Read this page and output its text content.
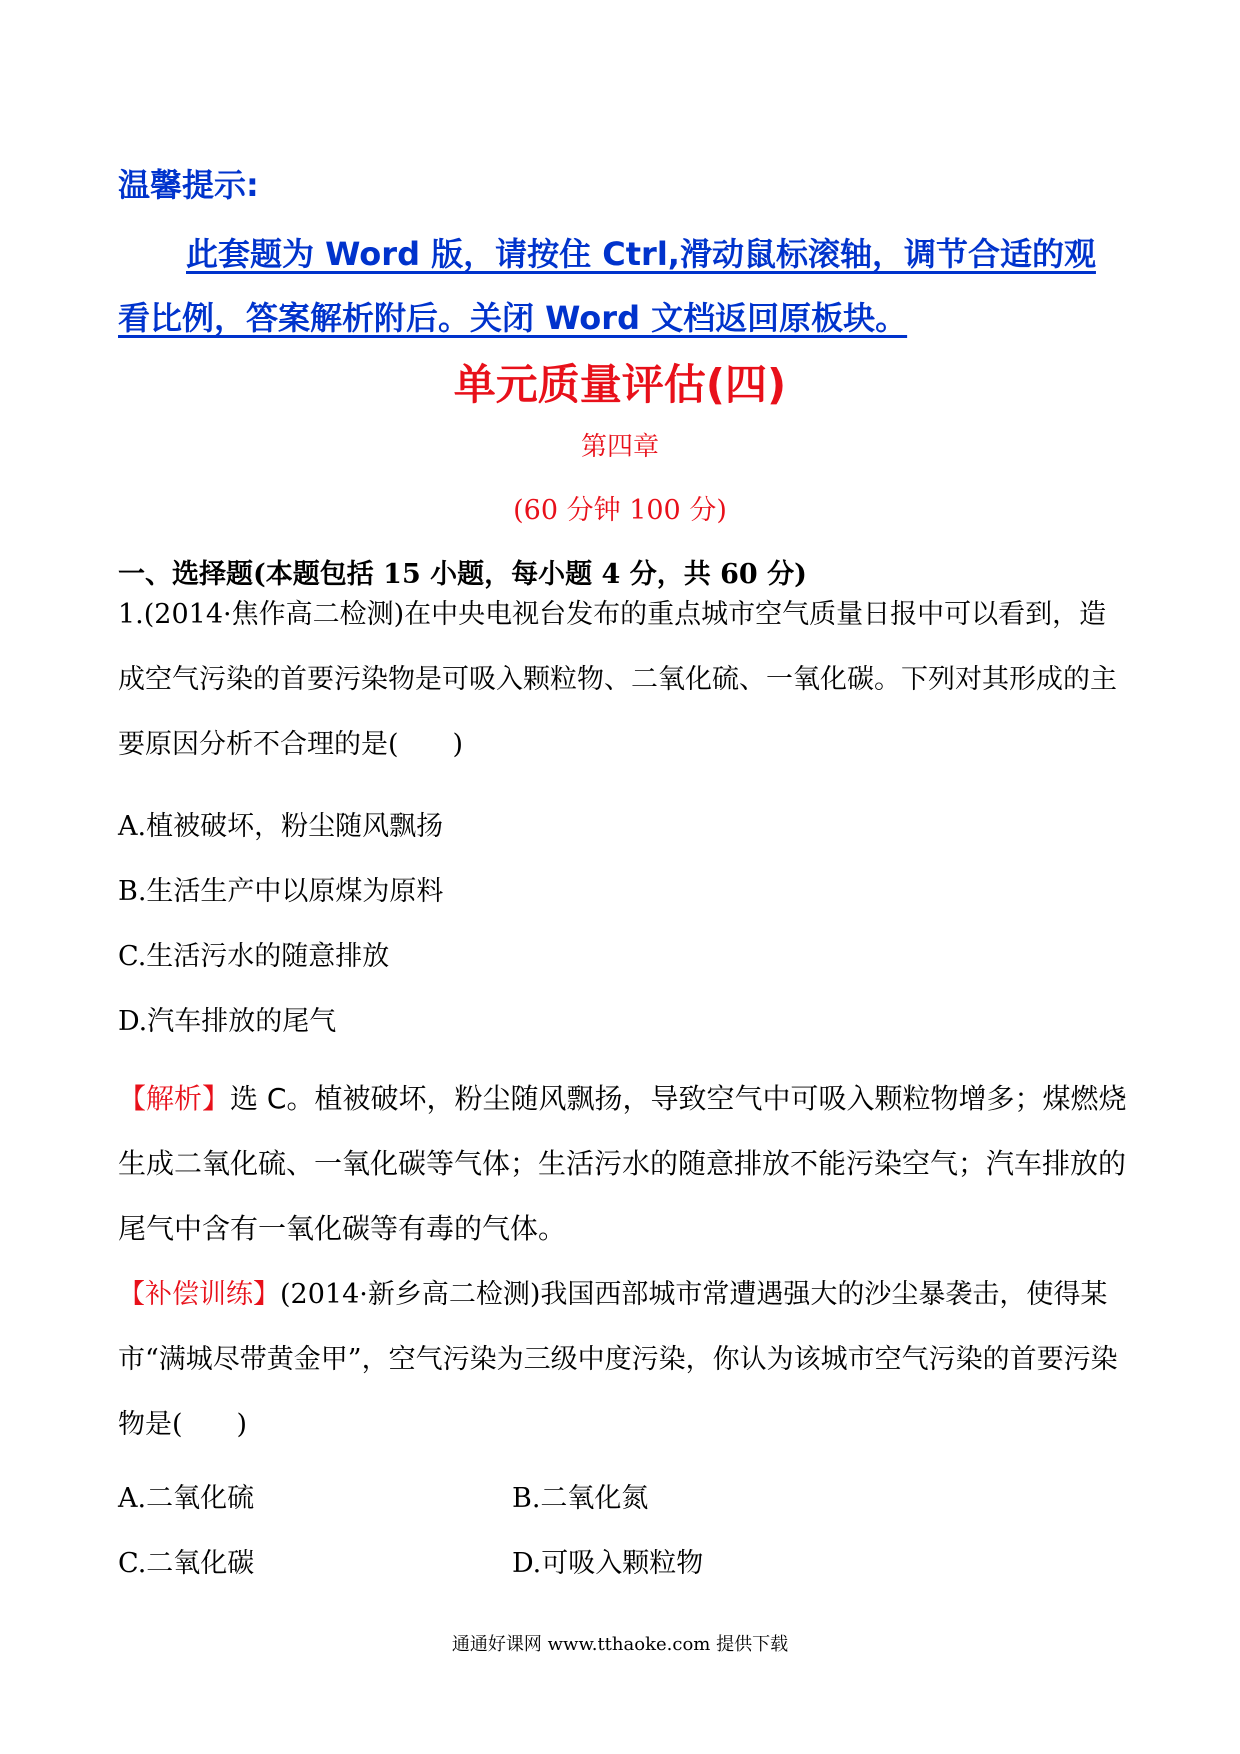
温馨提示:
此套题为 Word 版，请按住 Ctrl,滑动鼠标滚轴，调节合适的观
看比例，答案解析附后。关闭 Word 文档返回原板块。
单元质量评估(四)
第四章
(60 分钟 100 分)
一、选择题(本题包括 15 小题，每小题 4 分，共 60 分)
1.(2014·焦作高二检测)在中央电视台发布的重点城市空气质量日报中可以看到，造成空气污染的首要污染物是可吸入颗粒物、二氧化硫、一氧化碳。下列对其形成的主要原因分析不合理的是(　　)
A.植被破坏，粉尘随风飘扬
B.生活生产中以原煤为原料
C.生活污水的随意排放
D.汽车排放的尾气
【解析】选 C。植被破坏，粉尘随风飘扬，导致空气中可吸入颗粒物增多；煤燃烧生成二氧化硫、一氧化碳等气体；生活污水的随意排放不能污染空气；汽车排放的尾气中含有一氧化碳等有毒的气体。
【补偿训练】(2014·新乡高二检测)我国西部城市常遭遇强大的沙尘暴袭击，使得某市“满城尽带黄金甲”，空气污染为三级中度污染，你认为该城市空气污染的首要污染物是(　　)
A.二氧化硫	B.二氧化氮
C.二氧化碳	D.可吸入颗粒物
通通好课网 www.tthaoke.com 提供下载
